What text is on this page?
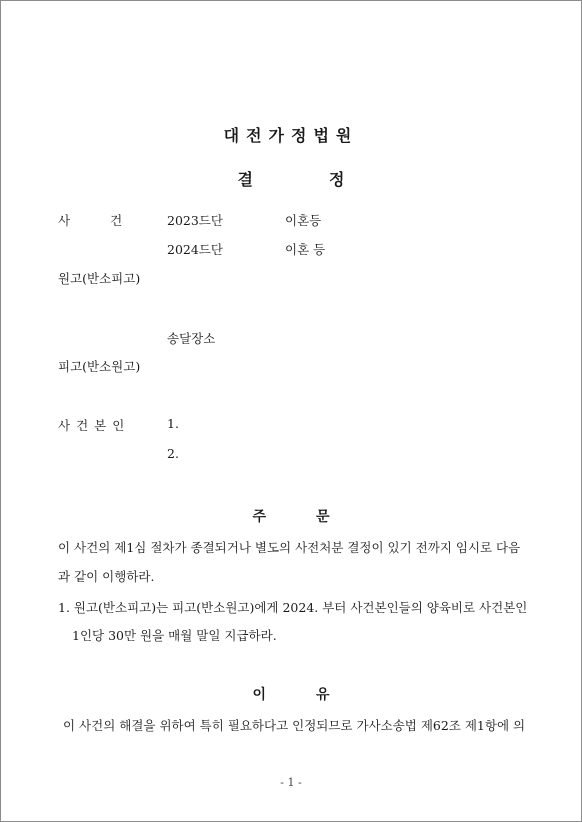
대전가정법원
결	정
사건 2023드단	이혼등
2024드단	이혼 등
원고(반소피고)
송달장소
피고(반소원고)
사건본인	1.
2.
주	문
이 사건의 제1심 절차가 종결되거나 별도의 사전처분 결정이 있기 전까지 임시로 다음
과 같이 이행하라.
1. 원고(반소피고)는 피고(반소원고)에게 2024. 부터 사건본인들의 양육비로 사건본인
1인당 30만 원을 매월 말일 지급하라.
이	유
이 사건의 해결을 위하여 특히 필요하다고 인정되므로 가사소송법 제62조 제1항에 의
- 1 -
